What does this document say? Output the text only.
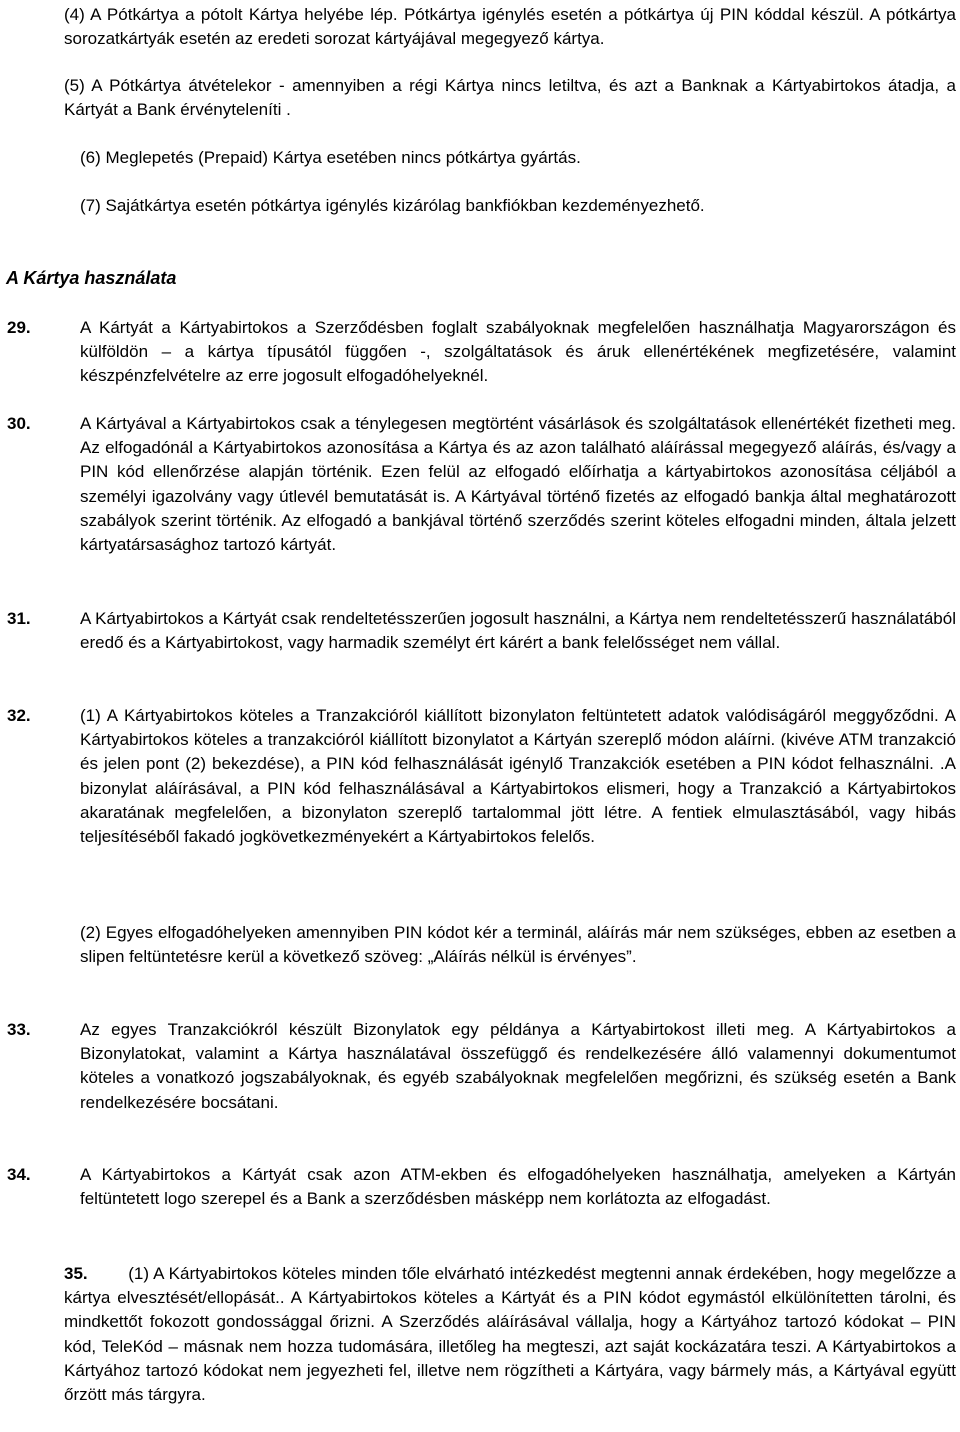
(4) A Pótkártya a pótolt Kártya helyébe lép. Pótkártya igénylés esetén a pótkártya új PIN kóddal készül. A pótkártya sorozatkártyák esetén az eredeti sorozat kártyájával megegyező kártya.

(5) A Pótkártya átvételekor - amennyiben a régi Kártya nincs letiltva, és azt a Banknak a Kártyabirtokos átadja, a Kártyát a Bank érvényteleníti .

(6) Meglepetés (Prepaid) Kártya esetében nincs pótkártya gyártás.

(7) Sajátkártya esetén pótkártya igénylés kizárólag bankfiókban kezdeményezhető.

A Kártya használata
29.	A Kártyát a Kártyabirtokos a Szerződésben foglalt szabályoknak megfelelően használhatja Magyarországon és külföldön – a kártya típusától függően -, szolgáltatások és áruk ellenértékének megfizetésére, valamint készpénzfelvételre az erre jogosult elfogadóhelyeknél.

30.	A Kártyával a Kártyabirtokos csak a ténylegesen megtörtént vásárlások és szolgáltatások ellenértékét fizetheti meg. Az elfogadónál a Kártyabirtokos azonosítása a Kártya és az azon található aláírással megegyező aláírás, és/vagy a PIN kód ellenőrzése alapján történik. Ezen felül az elfogadó előírhatja a kártyabirtokos azonosítása céljából a személyi igazolvány vagy útlevél bemutatását is. A Kártyával történő fizetés az elfogadó bankja által meghatározott szabályok szerint történik. Az elfogadó a bankjával történő szerződés szerint köteles elfogadni minden, általa jelzett kártyatársasághoz tartozó kártyát.

31.	A Kártyabirtokos a Kártyát csak rendeltetésszerűen jogosult használni, a Kártya nem rendeltetésszerű használatából eredő és a Kártyabirtokost, vagy harmadik személyt ért kárért a bank felelősséget nem vállal.

32.	(1) A Kártyabirtokos köteles a Tranzakcióról kiállított bizonylaton feltüntetett adatok valódiságáról meggyőződni. A Kártyabirtokos köteles a tranzakcióról kiállított bizonylatot a Kártyán szereplő módon aláírni. (kivéve ATM tranzakció és jelen pont (2) bekezdése), a PIN kód felhasználását igénylő Tranzakciók esetében a PIN kódot felhasználni. .A bizonylat aláírásával, a PIN kód felhasználásával a Kártyabirtokos elismeri, hogy a Tranzakció a Kártyabirtokos akaratának megfelelően, a bizonylaton szereplő tartalommal jött létre. A fentiek elmulasztásából, vagy hibás teljesítéséből fakadó jogkövetkezményekért a Kártyabirtokos felelős.

(2) Egyes elfogadóhelyeken amennyiben PIN kódot kér a terminál, aláírás már nem szükséges, ebben az esetben a slipen feltüntetésre kerül a következő szöveg: „Aláírás nélkül is érvényes”.

33.	Az egyes Tranzakciókról készült Bizonylatok egy példánya a Kártyabirtokost illeti meg. A Kártyabirtokos a Bizonylatokat, valamint a Kártya használatával összefüggő és rendelkezésére álló valamennyi dokumentumot köteles a vonatkozó jogszabályoknak, és egyéb szabályoknak megfelelően megőrizni, és szükség esetén a Bank rendelkezésére bocsátani.

34.	A Kártyabirtokos a Kártyát csak azon ATM-ekben és elfogadóhelyeken használhatja, amelyeken a Kártyán feltüntetett logo szerepel és a Bank a szerződésben másképp nem korlátozta az elfogadást.

35. (1) A Kártyabirtokos köteles minden tőle elvárható intézkedést megtenni annak érdekében, hogy megelőzze a kártya elvesztését/ellopását.. A Kártyabirtokos köteles a Kártyát és a PIN kódot egymástól elkülönítetten tárolni, és mindkettőt fokozott gondossággal őrizni. A Szerződés aláírásával vállalja, hogy a Kártyához tartozó kódokat – PIN kód, TeleKód – másnak nem hozza tudomására, illetőleg ha megteszi, azt saját kockázatára teszi. A Kártyabirtokos a Kártyához tartozó kódokat nem jegyezheti fel, illetve nem rögzítheti a Kártyára, vagy bármely más, a Kártyával együtt őrzött más tárgyra.
